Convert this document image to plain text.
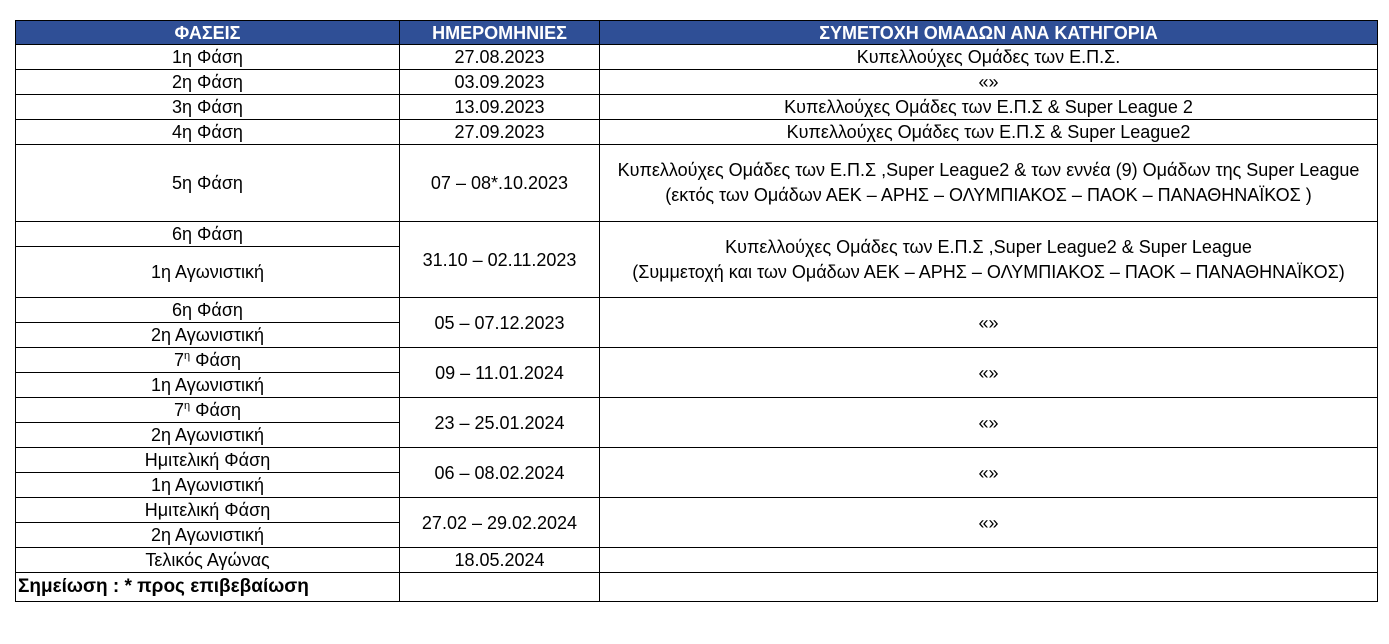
ΦΑΣΕΙΣ	ΗΜΕΡΟΜΗΝΙΕΣ	ΣΥΜΕΤΟΧΗ ΟΜΑΔΩΝ ΑΝΑ ΚΑΤΗΓΟΡΙΑ
1η Φάση	27.08.2023	Κυπελλούχες Ομάδες των Ε.Π.Σ.
2η Φάση	03.09.2023	«»
3η Φάση	13.09.2023	Κυπελλούχες Ομάδες των Ε.Π.Σ & Super League 2
4η Φάση	27.09.2023	Κυπελλούχες Ομάδες των Ε.Π.Σ & Super League2
5η Φάση	07 – 08*.10.2023	Κυπελλούχες Ομάδες των Ε.Π.Σ ,Super League2 & των εννέα (9) Ομάδων της Super League (εκτός των Ομάδων ΑΕΚ – ΑΡΗΣ – ΟΛΥΜΠΙΑΚΟΣ – ΠΑΟΚ – ΠΑΝΑΘΗΝΑΪΚΟΣ )
6η Φάση	31.10 – 02.11.2023	Κυπελλούχες Ομάδες των Ε.Π.Σ ,Super League2 & Super League
(Συμμετοχή και των Ομάδων ΑΕΚ – ΑΡΗΣ – ΟΛΥΜΠΙΑΚΟΣ – ΠΑΟΚ – ΠΑΝΑΘΗΝΑΪΚΟΣ)

1η Αγωνιστική		
6η Φάση	05 – 07.12.2023	«»
2η Αγωνιστική		
$7^\eta$ Φάση	09 – 11.01.2024	«»
1η Αγωνιστική		
$7^\eta$ Φάση	23 – 25.01.2024	«»
2η Αγωνιστική		
Ημιτελική Φάση	06 – 08.02.2024	«»
1η Αγωνιστική		
Ημιτελική Φάση	27.02 – 29.02.2024	«»
2η Αγωνιστική		
Τελικός Αγώνας	18.05.2024	
Σημείωση : * προς επιβεβαίωση		
